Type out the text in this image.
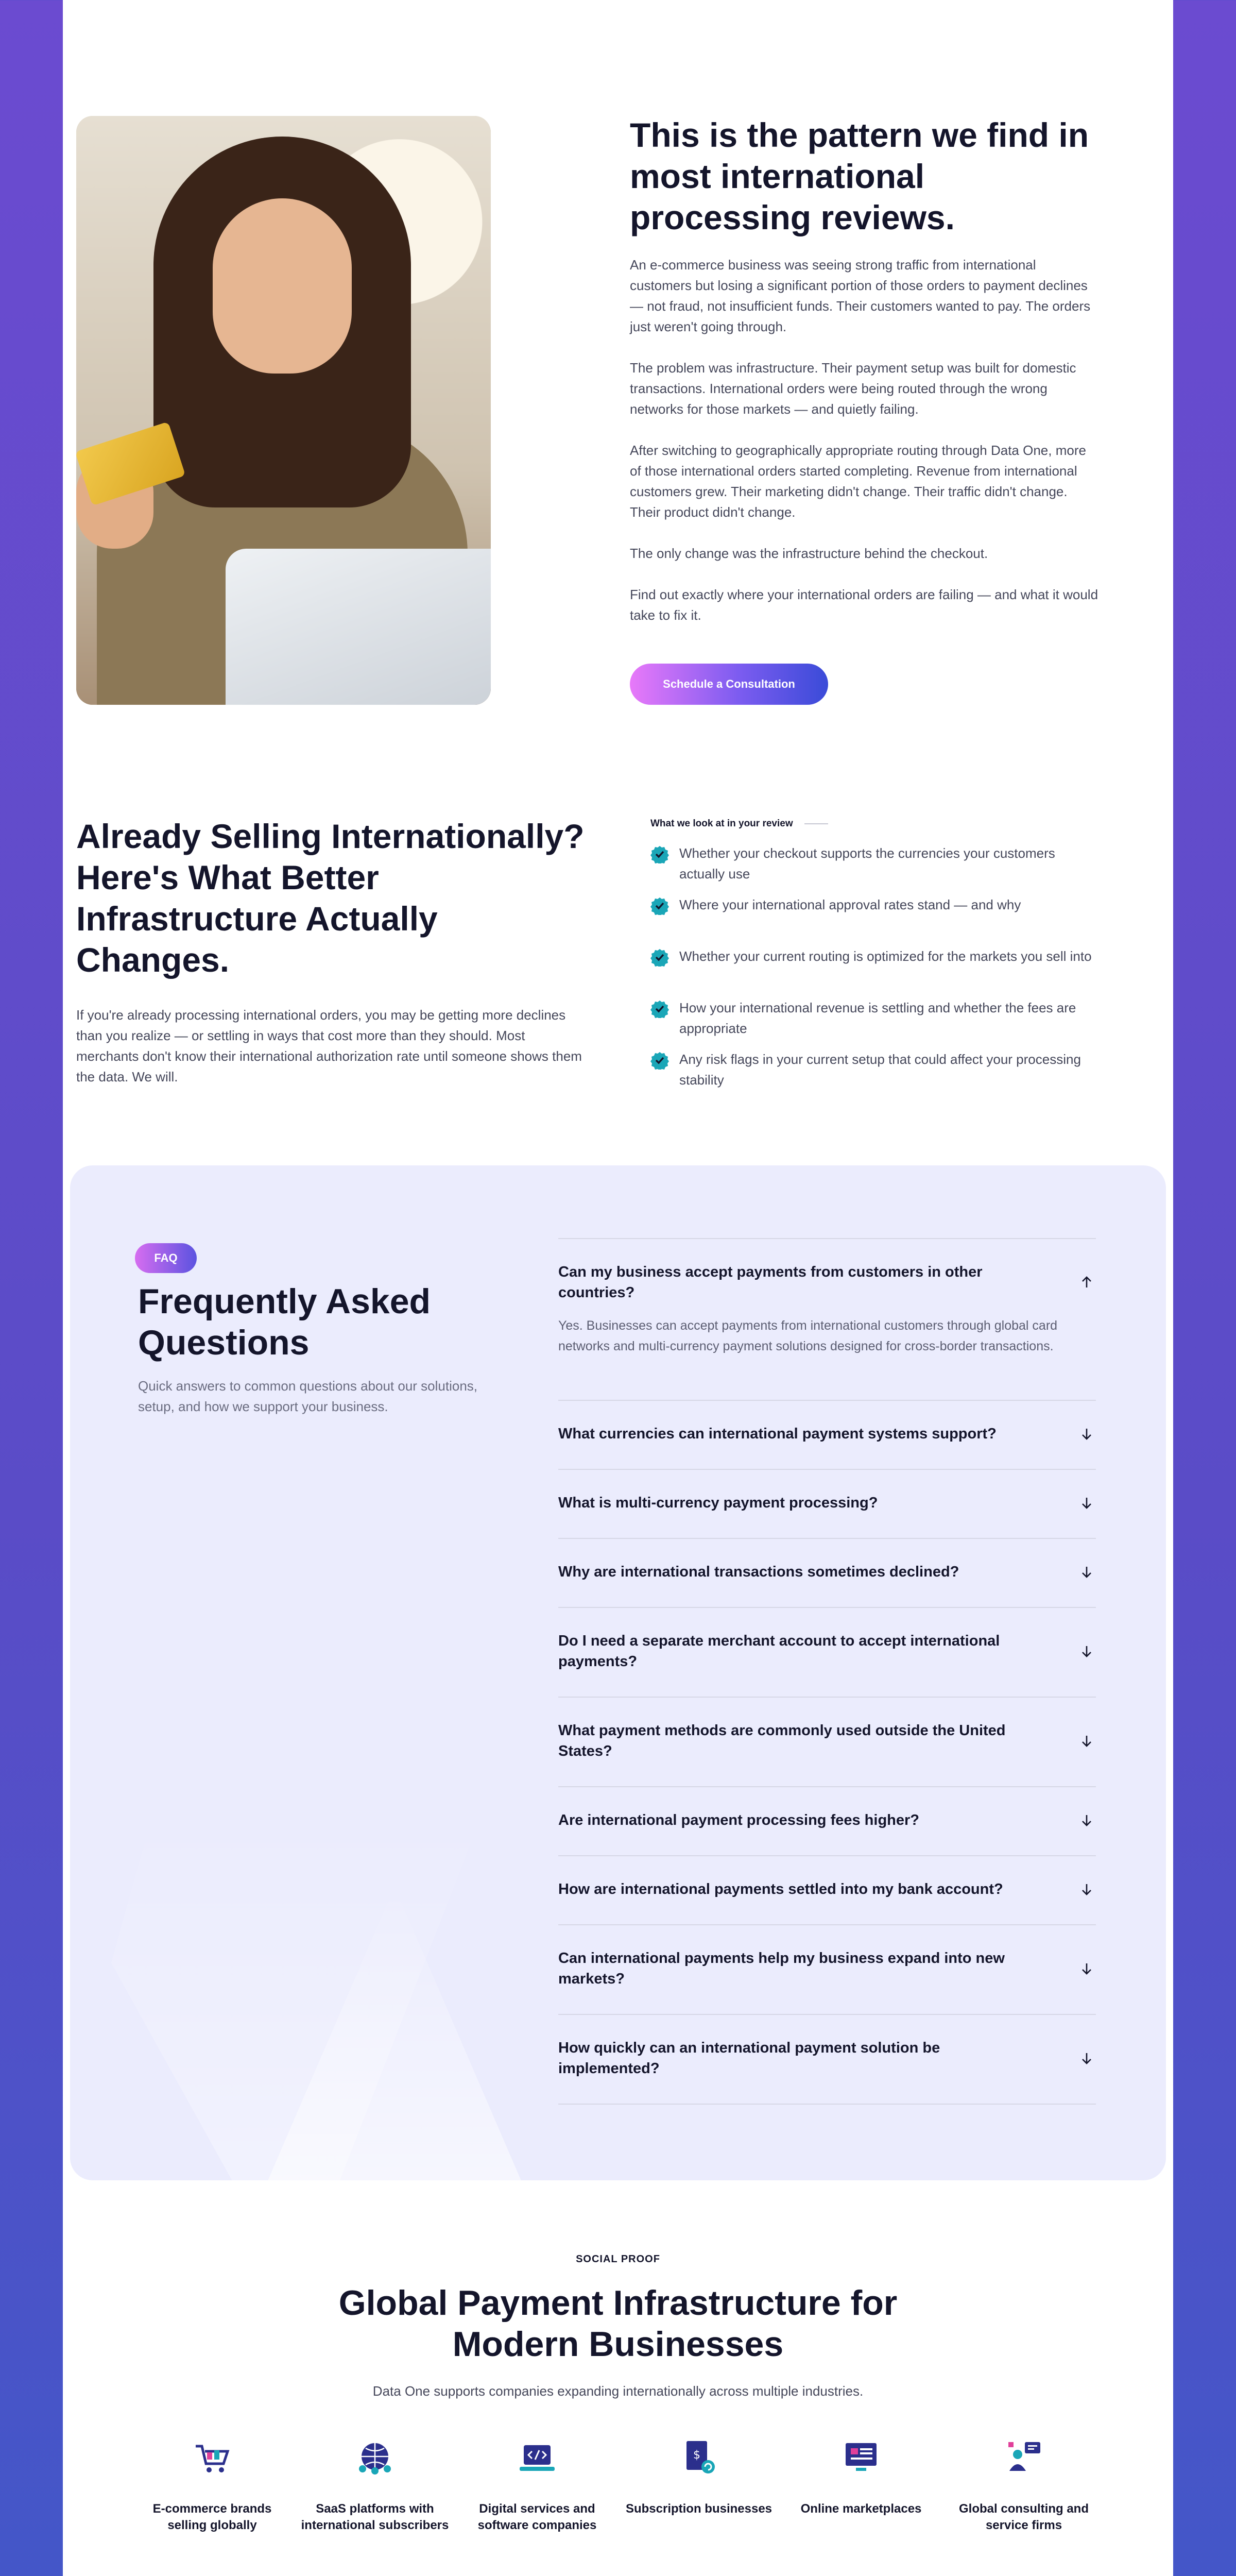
This is the pattern we find in most international processing reviews.
An e-commerce business was seeing strong traffic from international customers but losing a significant portion of those orders to payment declines — not fraud, not insufficient funds. Their customers wanted to pay. The orders just weren't going through.
The problem was infrastructure. Their payment setup was built for domestic transactions. International orders were being routed through the wrong networks for those markets — and quietly failing.
After switching to geographically appropriate routing through Data One, more of those international orders started completing. Revenue from international customers grew. Their marketing didn't change. Their traffic didn't change. Their product didn't change.
The only change was the infrastructure behind the checkout.
Find out exactly where your international orders are failing — and what it would take to fix it.
Schedule a Consultation
Already Selling Internationally? Here's What Better Infrastructure Actually Changes.
If you're already processing international orders, you may be getting more declines than you realize — or settling in ways that cost more than they should. Most merchants don't know their international authorization rate until someone shows them the data. We will.
What we look at in your review
Whether your checkout supports the currencies your customers actually use
Where your international approval rates stand — and why
Whether your current routing is optimized for the markets you sell into
How your international revenue is settling and whether the fees are appropriate
Any risk flags in your current setup that could affect your processing stability
FAQ
Frequently Asked Questions
Quick answers to common questions about our solutions, setup, and how we support your business.
Can my business accept payments from customers in other countries?
Yes. Businesses can accept payments from international customers through global card networks and multi-currency payment solutions designed for cross-border transactions.
What currencies can international payment systems support?
What is multi-currency payment processing?
Why are international transactions sometimes declined?
Do I need a separate merchant account to accept international payments?
What payment methods are commonly used outside the United States?
Are international payment processing fees higher?
How are international payments settled into my bank account?
Can international payments help my business expand into new markets?
How quickly can an international payment solution be implemented?
SOCIAL PROOF
Global Payment Infrastructure for Modern Businesses
Data One supports companies expanding internationally across multiple industries.
E-commerce brands selling globally
SaaS platforms with international subscribers
Digital services and software companies
$
Subscription businesses	Online marketplaces	Global consulting and service firms
